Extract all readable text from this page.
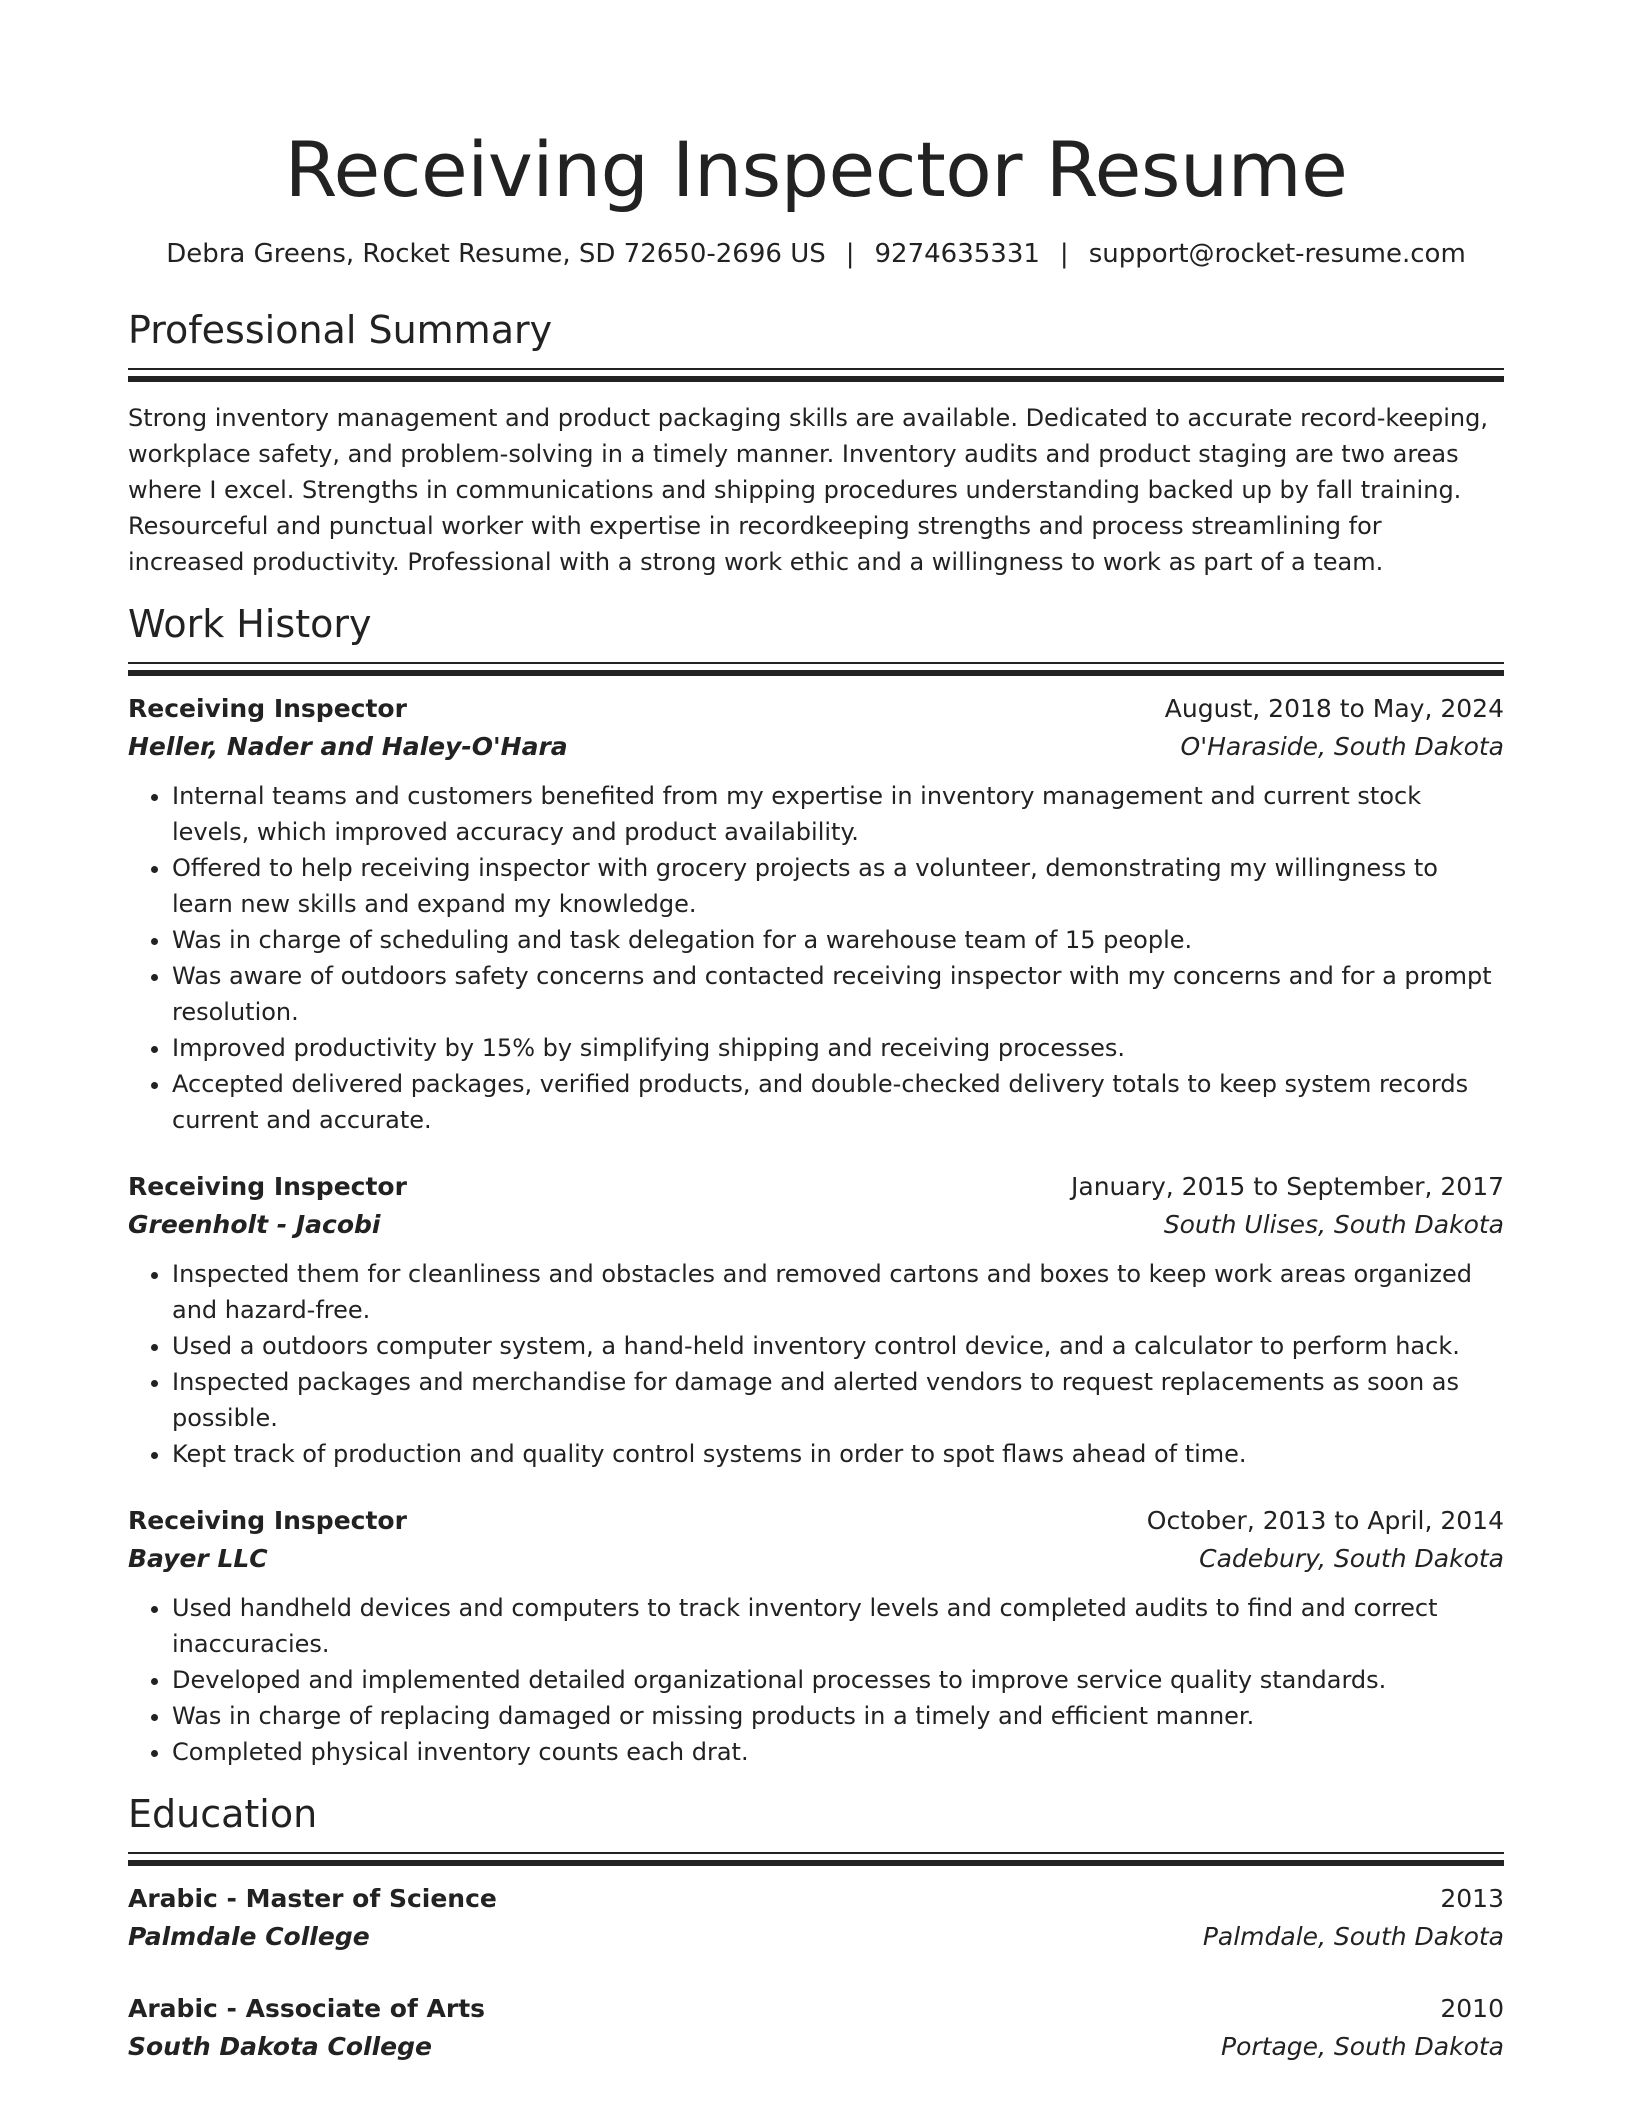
Receiving Inspector Resume
Debra Greens, Rocket Resume, SD 72650-2696 US | 9274635331 | support@rocket-resume.com
Professional Summary

Strong inventory management and product packaging skills are available. Dedicated to accurate record-keeping, workplace safety, and problem-solving in a timely manner. Inventory audits and product staging are two areas where I excel. Strengths in communications and shipping procedures understanding backed up by fall training. Resourceful and punctual worker with expertise in recordkeeping strengths and process streamlining for increased productivity. Professional with a strong work ethic and a willingness to work as part of a team.

Work History
Receiving Inspector	August, 2018 to May, 2024
Heller, Nader and Haley-O'Hara	O'Haraside, South Dakota
• Internal teams and customers benefited from my expertise in inventory management and current stock levels, which improved accuracy and product availability.
• Offered to help receiving inspector with grocery projects as a volunteer, demonstrating my willingness to learn new skills and expand my knowledge.
• Was in charge of scheduling and task delegation for a warehouse team of 15 people.
• Was aware of outdoors safety concerns and contacted receiving inspector with my concerns and for a prompt resolution.
• Improved productivity by 15% by simplifying shipping and receiving processes.
• Accepted delivered packages, verified products, and double-checked delivery totals to keep system records current and accurate.
Receiving Inspector	January, 2015 to September, 2017
Greenholt - Jacobi	South Ulises, South Dakota
• Inspected them for cleanliness and obstacles and removed cartons and boxes to keep work areas organized and hazard-free.
• Used a outdoors computer system, a hand-held inventory control device, and a calculator to perform hack.
• Inspected packages and merchandise for damage and alerted vendors to request replacements as soon as possible.
• Kept track of production and quality control systems in order to spot flaws ahead of time.
Receiving Inspector	October, 2013 to April, 2014
Bayer LLC	Cadebury, South Dakota
• Used handheld devices and computers to track inventory levels and completed audits to find and correct inaccuracies.
• Developed and implemented detailed organizational processes to improve service quality standards.
• Was in charge of replacing damaged or missing products in a timely and efficient manner.
• Completed physical inventory counts each drat.
Education
Arabic - Master of Science	2013
Palmdale College	Palmdale, South Dakota
Arabic - Associate of Arts	2010
South Dakota College	Portage, South Dakota
